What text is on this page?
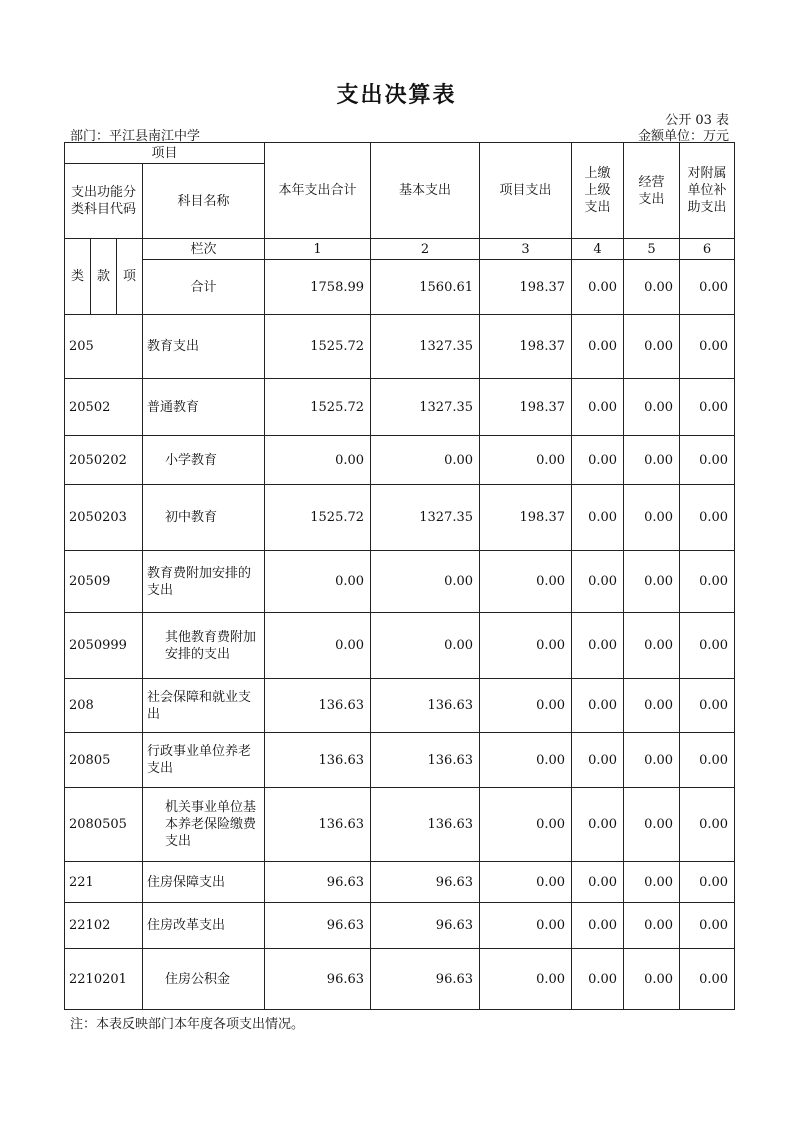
支出决算表
公开 03 表
部门：平江县南江中学	金额单位：万元
项目				本年支出合计	基本支出	项目支出	上缴上级支出	经营支出	对附属单位补助支出
支出功能分类科目代码			科目名称						

类	款	项	栏次	1	2	3	4	5	6
			合计	1758.99	1560.61	198.37	0.00	0.00	0.00
205			教育支出	1525.72	1327.35	198.37	0.00	0.00	0.00
20502			普通教育	1525.72	1327.35	198.37	0.00	0.00	0.00
2050202			小学教育	0.00	0.00	0.00	0.00	0.00	0.00
2050203			初中教育	1525.72	1327.35	198.37	0.00	0.00	0.00
20509			教育费附加安排的支出	0.00	0.00	0.00	0.00	0.00	0.00
2050999			其他教育费附加安排的支出	0.00	0.00	0.00	0.00	0.00	0.00
208			社会保障和就业支出	136.63	136.63	0.00	0.00	0.00	0.00
20805			行政事业单位养老支出	136.63	136.63	0.00	0.00	0.00	0.00
2080505			机关事业单位基本养老保险缴费支出	136.63	136.63	0.00	0.00	0.00	0.00
221			住房保障支出	96.63	96.63	0.00	0.00	0.00	0.00
22102			住房改革支出	96.63	96.63	0.00	0.00	0.00	0.00
2210201			住房公积金	96.63	96.63	0.00	0.00	0.00	0.00
注：本表反映部门本年度各项支出情况。
